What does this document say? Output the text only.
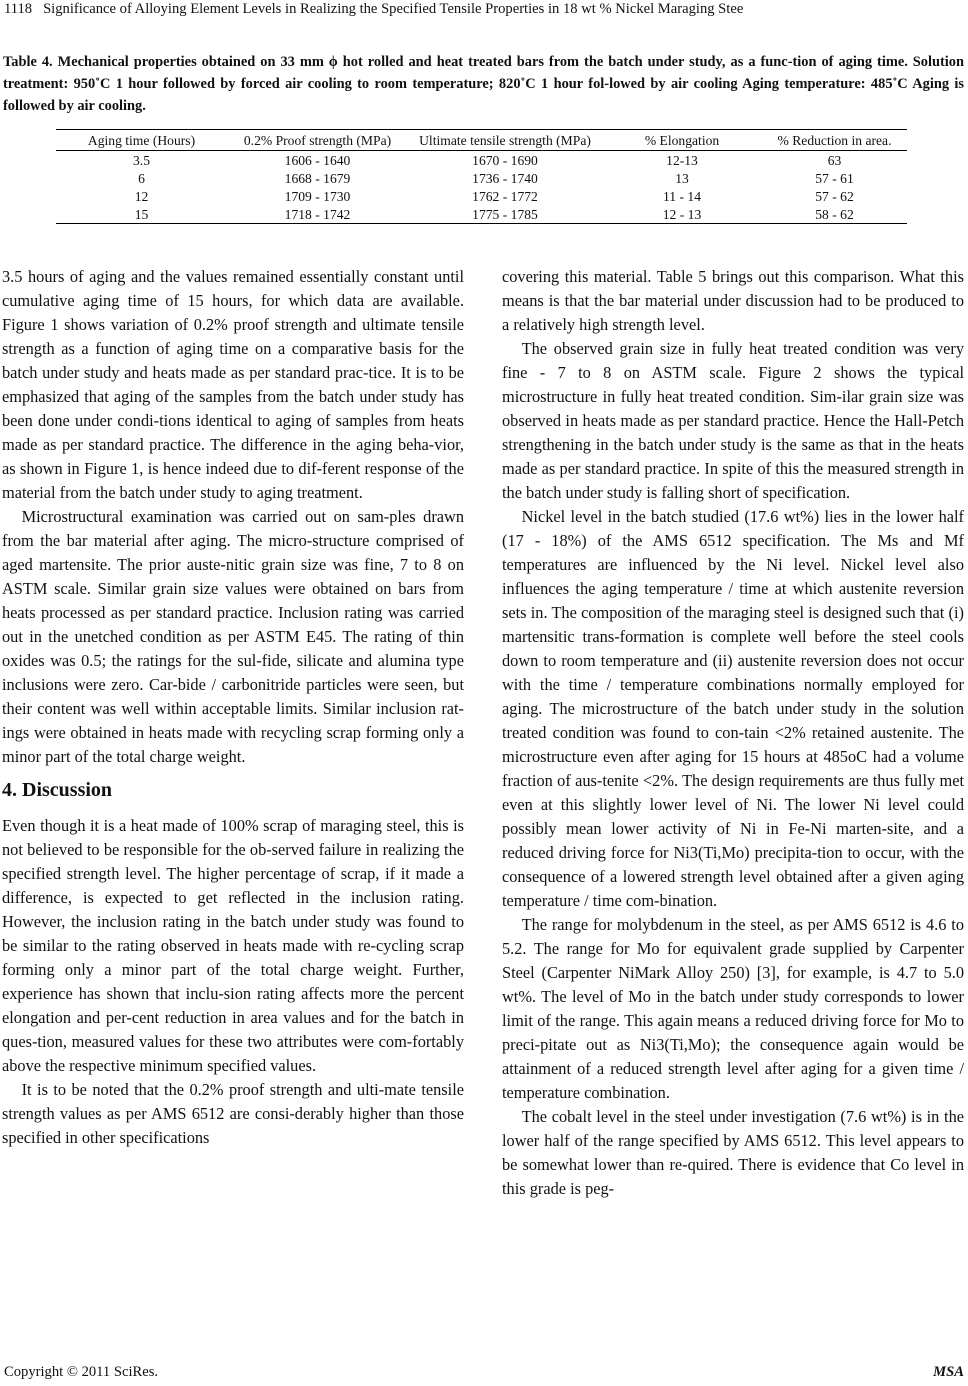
1118 Significance of Alloying Element Levels in Realizing the Specified Tensile Properties in 18 wt % Nickel Maraging Stee
Table 4. Mechanical properties obtained on 33 mm ϕ hot rolled and heat treated bars from the batch under study, as a func-tion of aging time. Solution treatment: 950˚C 1 hour followed by forced air cooling to room temperature; 820˚C 1 hour fol-lowed by air cooling Aging temperature: 485˚C Aging is followed by air cooling.
Aging time (Hours)	0.2% Proof strength (MPa)	Ultimate tensile strength (MPa)	% Elongation	% Reduction in area.
3.5	1606 - 1640	1670 - 1690	12-13	63
6	1668 - 1679	1736 - 1740	13	57 - 61
12	1709 - 1730	1762 - 1772	11 - 14	57 - 62
15	1718 - 1742	1775 - 1785	12 - 13	58 - 62

3.5 hours of aging and the values remained essentially constant until cumulative aging time of 15 hours, for which data are available. Figure 1 shows variation of 0.2% proof strength and ultimate tensile strength as a function of aging time on a comparative basis for the batch under study and heats made as per standard prac-tice. It is to be emphasized that aging of the samples from the batch under study has been done under condi-tions identical to aging of samples from heats made as per standard practice. The difference in the aging beha-vior, as shown in Figure 1, is hence indeed due to dif-ferent response of the material from the batch under study to aging treatment.

Microstructural examination was carried out on sam-ples drawn from the bar material after aging. The micro-structure comprised of aged martensite. The prior auste-nitic grain size was fine, 7 to 8 on ASTM scale. Similar grain size values were obtained on bars from heats processed as per standard practice. Inclusion rating was carried out in the unetched condition as per ASTM E45. The rating of thin oxides was 0.5; the ratings for the sul-fide, silicate and alumina type inclusions were zero. Car-bide / carbonitride particles were seen, but their content was well within acceptable limits. Similar inclusion rat-ings were obtained in heats made with recycling scrap forming only a minor part of the total charge weight.

4. Discussion

Even though it is a heat made of 100% scrap of maraging steel, this is not believed to be responsible for the ob-served failure in realizing the specified strength level. The higher percentage of scrap, if it made a difference, is expected to get reflected in the inclusion rating. However, the inclusion rating in the batch under study was found to be similar to the rating observed in heats made with re-cycling scrap forming only a minor part of the total charge weight. Further, experience has shown that inclu-sion rating affects more the percent elongation and per-cent reduction in area values and for the batch in ques-tion, measured values for these two attributes were com-fortably above the respective minimum specified values.

It is to be noted that the 0.2% proof strength and ulti-mate tensile strength values as per AMS 6512 are consi-derably higher than those specified in other specifications

covering this material. Table 5 brings out this comparison. What this means is that the bar material under discussion had to be produced to a relatively high strength level.

The observed grain size in fully heat treated condition was very fine - 7 to 8 on ASTM scale. Figure 2 shows the typical microstructure in fully heat treated condition. Sim-ilar grain size was observed in heats made as per standard practice. Hence the Hall-Petch strengthening in the batch under study is the same as that in the heats made as per standard practice. In spite of this the measured strength in the batch under study is falling short of specification.

Nickel level in the batch studied (17.6 wt%) lies in the lower half (17 - 18%) of the AMS 6512 specification. The Ms and Mf temperatures are influenced by the Ni level. Nickel level also influences the aging temperature / time at which austenite reversion sets in. The composition of the maraging steel is designed such that (i) martensitic trans-formation is complete well before the steel cools down to room temperature and (ii) austenite reversion does not occur with the time / temperature combinations normally employed for aging. The microstructure of the batch under study in the solution treated condition was found to con-tain <2% retained austenite. The microstructure even after aging for 15 hours at 485oC had a volume fraction of aus-tenite <2%. The design requirements are thus fully met even at this slightly lower level of Ni. The lower Ni level could possibly mean lower activity of Ni in Fe-Ni marten-site, and a reduced driving force for Ni3(Ti,Mo) precipita-tion to occur, with the consequence of a lowered strength level obtained after a given aging temperature / time com-bination.

The range for molybdenum in the steel, as per AMS 6512 is 4.6 to 5.2. The range for Mo for equivalent grade supplied by Carpenter Steel (Carpenter NiMark Alloy 250) [3], for example, is 4.7 to 5.0 wt%. The level of Mo in the batch under study corresponds to lower limit of the range. This again means a reduced driving force for Mo to preci-pitate out as Ni3(Ti,Mo); the consequence again would be attainment of a reduced strength level after aging for a given time / temperature combination.

The cobalt level in the steel under investigation (7.6 wt%) is in the lower half of the range specified by AMS 6512. This level appears to be somewhat lower than re-quired. There is evidence that Co level in this grade is peg-

Copyright © 2011 SciRes.	MSA
